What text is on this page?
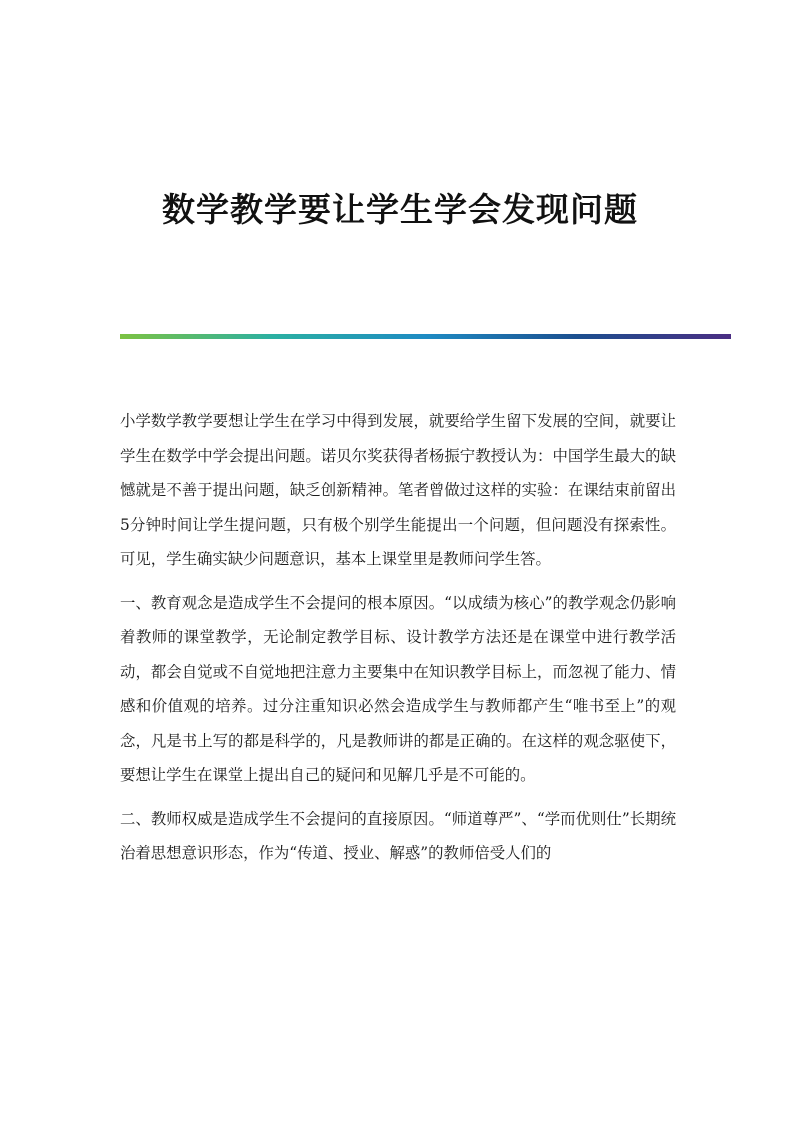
数学教学要让学生学会发现问题

小学数学教学要想让学生在学习中得到发展，就要给学生留下发展的空间，就要让学生在数学中学会提出问题。诺贝尔奖获得者杨振宁教授认为：中国学生最大的缺憾就是不善于提出问题，缺乏创新精神。笔者曾做过这样的实验：在课结束前留出5分钟时间让学生提问题，只有极个别学生能提出一个问题，但问题没有探索性。可见，学生确实缺少问题意识，基本上课堂里是教师问学生答。

一、教育观念是造成学生不会提问的根本原因。“以成绩为核心”的教学观念仍影响着教师的课堂教学，无论制定教学目标、设计教学方法还是在课堂中进行教学活动，都会自觉或不自觉地把注意力主要集中在知识教学目标上，而忽视了能力、情感和价值观的培养。过分注重知识必然会造成学生与教师都产生“唯书至上”的观念，凡是书上写的都是科学的，凡是教师讲的都是正确的。在这样的观念驱使下，要想让学生在课堂上提出自己的疑问和见解几乎是不可能的。

二、教师权威是造成学生不会提问的直接原因。“师道尊严”、“学而优则仕”长期统治着思想意识形态，作为“传道、授业、解惑”的教师倍受人们的
